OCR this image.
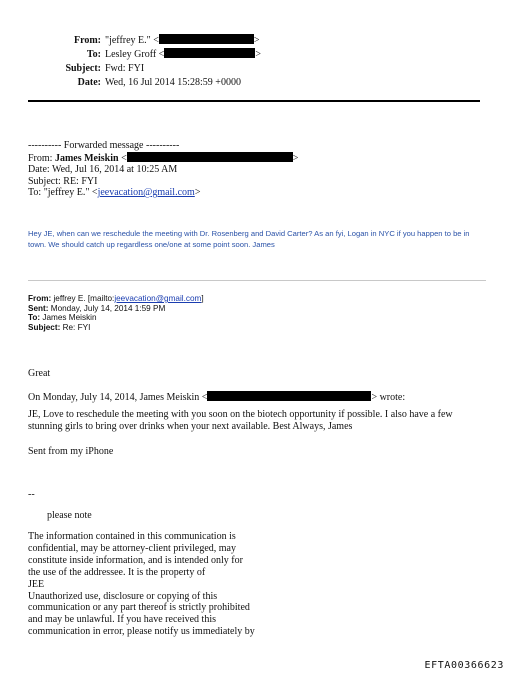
From: "jeffrey E." <	>
To: Lesley Groff <	>
Subject: Fwd: FYI
Date: Wed, 16 Jul 2014 15:28:59 +0000
---------- Forwarded message ----------
From: James Meiskin <	>
Date: Wed, Jul 16, 2014 at 10:25 AM
Subject: RE: FYI
To: "jeffrey E." <jeevacation@gmail.com>
Hey JE, when can we reschedule the meeting with Dr. Rosenberg and David Carter? As an fyi, Logan in NYC if you happen to be in town. We should catch up regardless one/one at some point soon. James
From: jeffrey E. [mailto:jeevacation@gmail.com]
Sent: Monday, July 14, 2014 1:59 PM
To: James Meiskin
Subject: Re: FYI
Great
On Monday, July 14, 2014, James Meiskin <	> wrote:
JE, Love to reschedule the meeting with you soon on the biotech opportunity if possible. I also have a few stunning girls to bring over drinks when your next available. Best Always, James
Sent from my iPhone
--
please note
The information contained in this communication is
confidential, may be attorney-client privileged, may
constitute inside information, and is intended only for
the use of the addressee. It is the property of
JEE
Unauthorized use, disclosure or copying of this
communication or any part thereof is strictly prohibited
and may be unlawful. If you have received this
communication in error, please notify us immediately by
EFTA00366623
